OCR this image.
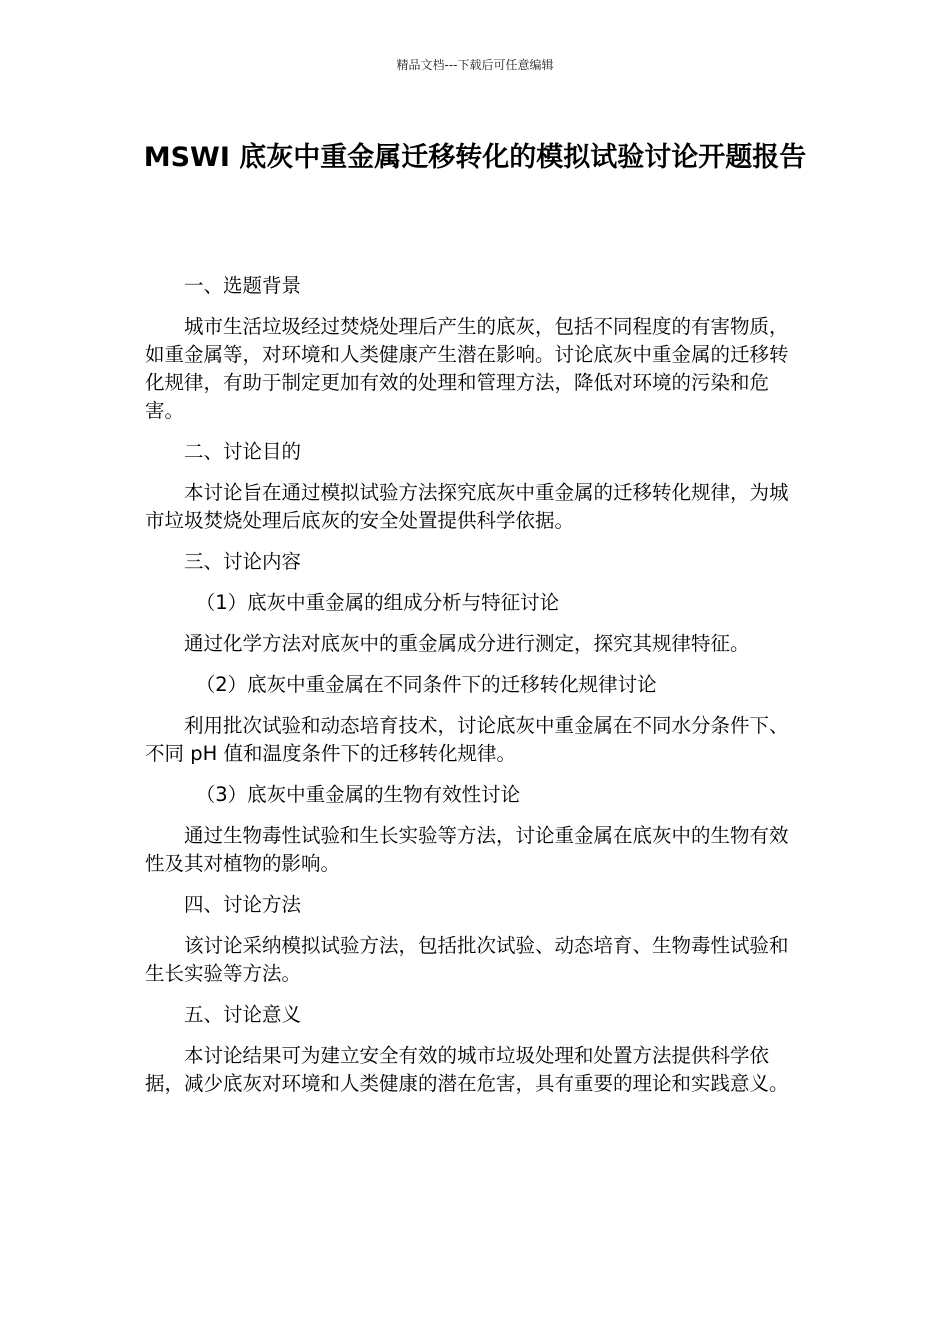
精品文档---下载后可任意编辑
MSWI 底灰中重金属迁移转化的模拟试验讨论开题报告

一、选题背景

城市生活垃圾经过焚烧处理后产生的底灰，包括不同程度的有害物质，如重金属等，对环境和人类健康产生潜在影响。讨论底灰中重金属的迁移转化规律，有助于制定更加有效的处理和管理方法，降低对环境的污染和危害。

二、讨论目的

本讨论旨在通过模拟试验方法探究底灰中重金属的迁移转化规律，为城市垃圾焚烧处理后底灰的安全处置提供科学依据。

三、讨论内容

（1）底灰中重金属的组成分析与特征讨论

通过化学方法对底灰中的重金属成分进行测定，探究其规律特征。

（2）底灰中重金属在不同条件下的迁移转化规律讨论

利用批次试验和动态培育技术，讨论底灰中重金属在不同水分条件下、不同 pH 值和温度条件下的迁移转化规律。

（3）底灰中重金属的生物有效性讨论

通过生物毒性试验和生长实验等方法，讨论重金属在底灰中的生物有效性及其对植物的影响。

四、讨论方法

该讨论采纳模拟试验方法，包括批次试验、动态培育、生物毒性试验和生长实验等方法。

五、讨论意义

本讨论结果可为建立安全有效的城市垃圾处理和处置方法提供科学依据，减少底灰对环境和人类健康的潜在危害，具有重要的理论和实践意义。
